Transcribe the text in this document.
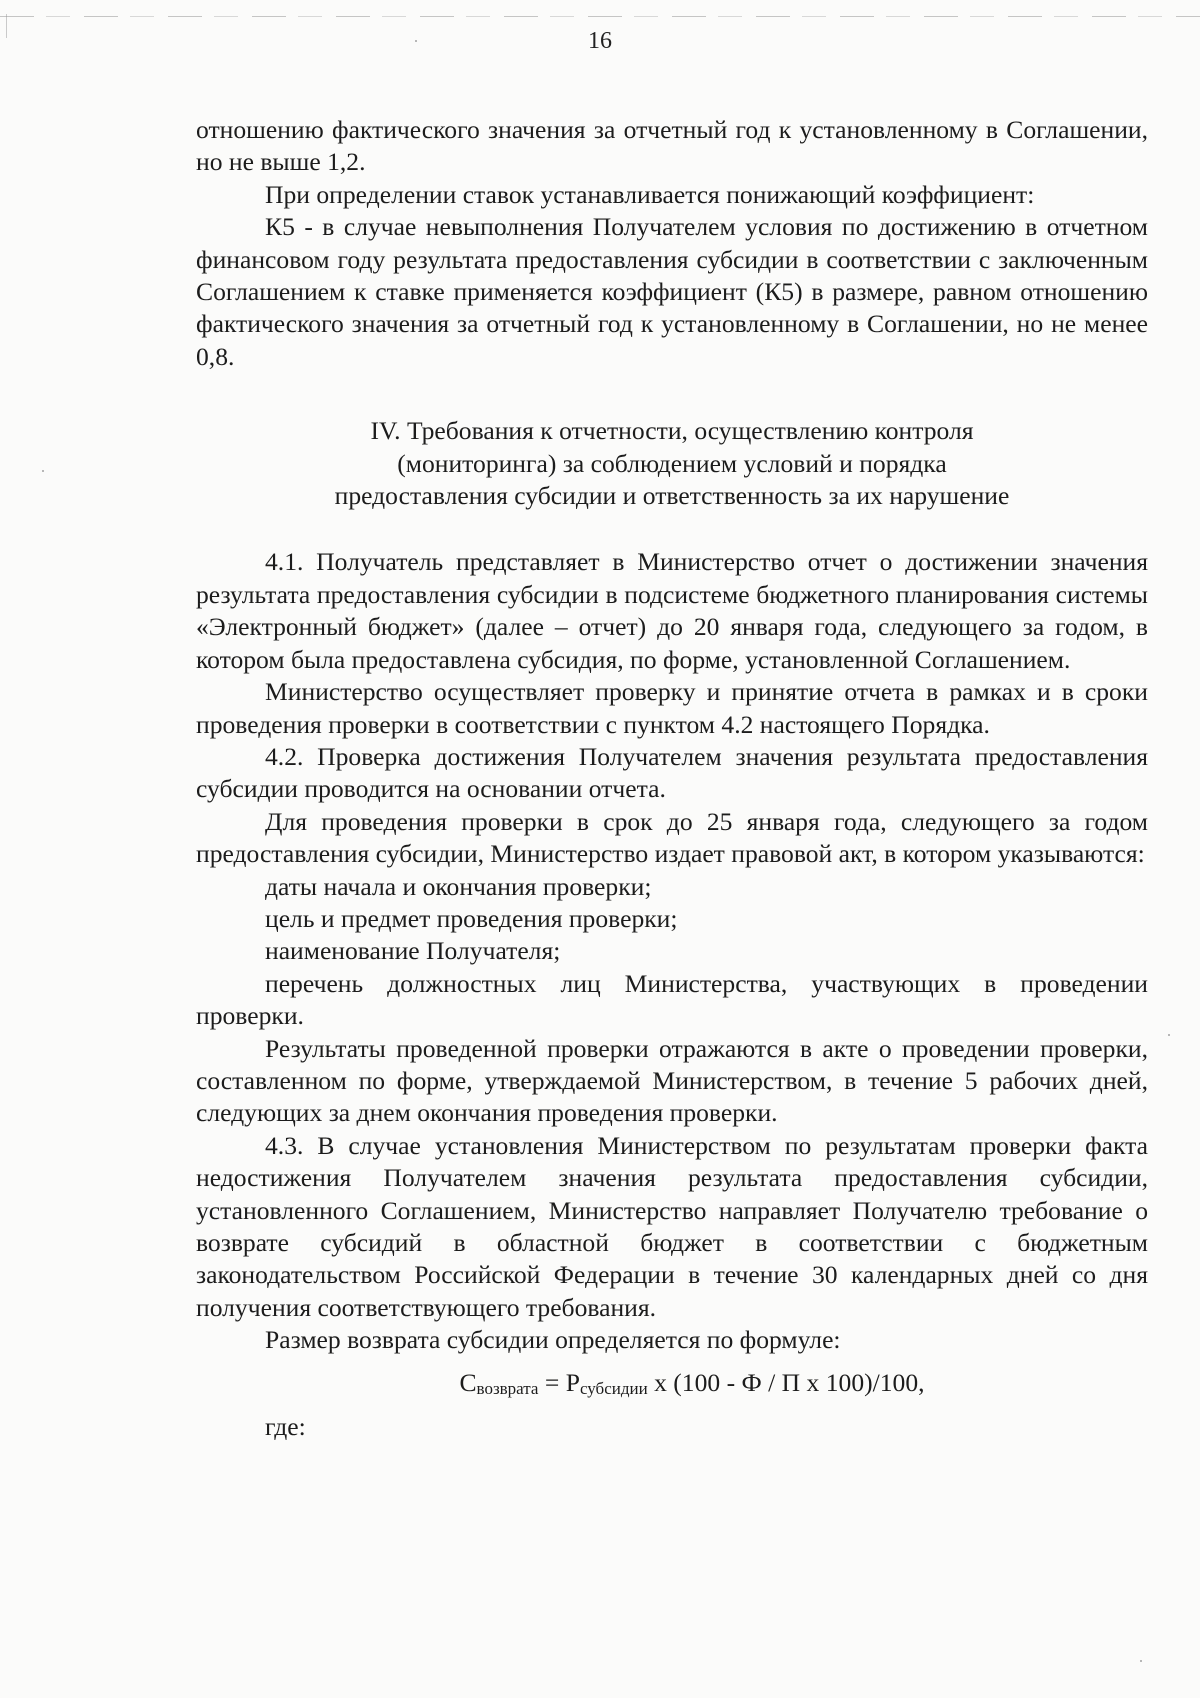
16

отношению фактического значения за отчетный год к установленному в Соглашении, но не выше 1,2.

При определении ставок устанавливается понижающий коэффициент:

К5 - в случае невыполнения Получателем условия по достижению в отчетном финансовом году результата предоставления субсидии в соответствии с заключенным Соглашением к ставке применяется коэффициент (К5) в размере, равном отношению фактического значения за отчетный год к установленному в Соглашении, но не менее 0,8.

IV. Требования к отчетности, осуществлению контроля
(мониторинга) за соблюдением условий и порядка
предоставления субсидии и ответственность за их нарушение

4.1. Получатель представляет в Министерство отчет о достижении значения результата предоставления субсидии в подсистеме бюджетного планирования системы «Электронный бюджет» (далее – отчет) до 20 января года, следующего за годом, в котором была предоставлена субсидия, по форме, установленной Соглашением.

Министерство осуществляет проверку и принятие отчета в рамках и в сроки проведения проверки в соответствии с пунктом 4.2 настоящего Порядка.

4.2. Проверка достижения Получателем значения результата предоставления субсидии проводится на основании отчета.

Для проведения проверки в срок до 25 января года, следующего за годом предоставления субсидии, Министерство издает правовой акт, в котором указываются:

даты начала и окончания проверки;

цель и предмет проведения проверки;

наименование Получателя;

перечень должностных лиц Министерства, участвующих в проведении проверки.

Результаты проведенной проверки отражаются в акте о проведении проверки, составленном по форме, утверждаемой Министерством, в течение 5 рабочих дней, следующих за днем окончания проведения проверки.

4.3. В случае установления Министерством по результатам проверки факта недостижения Получателем значения результата предоставления субсидии, установленного Соглашением, Министерство направляет Получателю требование о возврате субсидий в областной бюджет в соответствии с бюджетным законодательством Российской Федерации в течение 30 календарных дней со дня получения соответствующего требования.

Размер возврата субсидии определяется по формуле:

$С_{возврата} = Р_{субсидии}$ х (100 - Ф / П х 100)/100,

где:
